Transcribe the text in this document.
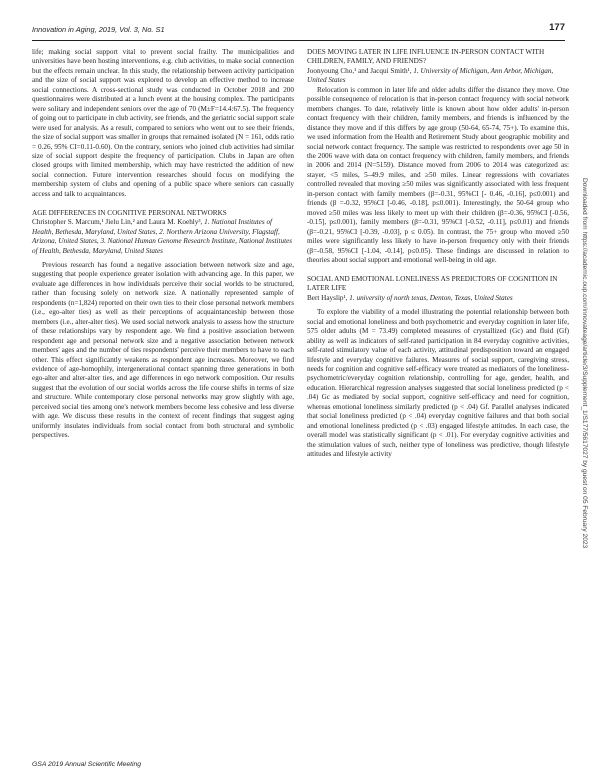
Innovation in Aging, 2019, Vol. 3, No. S1	177

life; making social support vital to prevent social frailty. The municipalities and universities have been hosting interventions, e.g. club activities, to make social connection but the effects remain unclear. In this study, the relationship between activity participation and the size of social support was explored to develop an effective method to increase social connections. A cross-sectional study was conducted in October 2018 and 200 questionnaires were distributed at a lunch event at the housing complex. The participants were solitary and independent seniors over the age of 70 (M±F=14.4:67.5). The frequency of going out to participate in club activity, see friends, and the geriatric social support scale were used for analysis. As a result, compared to seniors who went out to see their friends, the size of social support was smaller in groups that remained isolated (N = 161, odds ratio = 0.26, 95% CI=0.11-0.60). On the contrary, seniors who joined club activities had similar size of social support despite the frequency of participation. Clubs in Japan are often closed groups with limited membership, which may have restricted the addition of new social connection. Future intervention researches should focus on modifying the membership system of clubs and opening of a public space where seniors can casually access and talk to acquaintances.

AGE DIFFERENCES IN COGNITIVE PERSONAL NETWORKS

Christopher S. Marcum,¹ Jielu Lin,² and Laura M. Koehly³, 1. National Institutes of Health, Bethesda, Maryland, United States, 2. Northern Arizona University, Flagstaff, Arizona, United States, 3. National Human Genome Research Institute, National Institutes of Health, Bethesda, Maryland, United States

Previous research has found a negative association between network size and age, suggesting that people experience greater isolation with advancing age. In this paper, we evaluate age differences in how individuals perceive their social worlds to be structured, rather than focusing solely on network size. A nationally represented sample of respondents (n=1,824) reported on their own ties to their close personal network members (i.e., ego-alter ties) as well as their perceptions of acquaintanceship between those members (i.e., alter-alter ties). We used social network analysis to assess how the structure of these relationships vary by respondent age. We find a positive association between respondent age and personal network size and a negative association between network members' ages and the number of ties respondents' perceive their members to have to each other. This effect significantly weakens as respondent age increases. Moreover, we find evidence of age-homophily, intergenerational contact spanning three generations in both ego-alter and alter-alter ties, and age differences in ego network composition. Our results suggest that the evolution of our social worlds across the life course shifts in terms of size and structure. While contemporary close personal networks may grow slightly with age, perceived social ties among one's network members become less cohesive and less diverse with age. We discuss these results in the context of recent findings that suggest aging uniformly insulates individuals from social contact from both structural and symbolic perspectives.

DOES MOVING LATER IN LIFE INFLUENCE IN-PERSON CONTACT WITH CHILDREN, FAMILY, AND FRIENDS?

Joonyoung Cho,¹ and Jacqui Smith¹, 1. University of Michigan, Ann Arbor, Michigan, United States

Relocation is common in later life and older adults differ the distance they move. One possible consequence of relocation is that in-person contact frequency with social network members changes. To date, relatively little is known about how older adults' in-person contact frequency with their children, family members, and friends is influenced by the distance they move and if this differs by age group (50-64, 65-74, 75+). To examine this, we used information from the Health and Retirement Study about geographic mobility and social network contact frequency. The sample was restricted to respondents over age 50 in the 2006 wave with data on contact frequency with children, family members, and friends in 2006 and 2014 (N=5159). Distance moved from 2006 to 2014 was categorized as: stayer, <5 miles, 5–49.9 miles, and ≥50 miles. Linear regressions with covariates controlled revealed that moving ≥50 miles was significantly associated with less frequent in-person contact with family members (β=-0.31, 95%CI [- 0.46, -0.16], p≤0.001) and friends (β =-0.32, 95%CI [-0.46, -0.18], p≤0.001). Interestingly, the 50-64 group who moved ≥50 miles was less likely to meet up with their children (β=-0.36, 95%CI [-0.56, -0.15], p≤0.001), family members (β=-0.31, 95%CI [-0.52, -0.11], p≤0.01) and friends (β=-0.21, 95%CI [-0.39, -0.03], p ≤ 0.05). In contrast, the 75+ group who moved ≥50 miles were significantly less likely to have in-person frequency only with their friends (β=-0.58, 95%CI [-1.04, -0.14], p≤0.05). These findings are discussed in relation to theories about social support and emotional well-being in old age.

SOCIAL AND EMOTIONAL LONELINESS AS PREDICTORS OF COGNITION IN LATER LIFE

Bert Hayslip¹, 1. university of north texas, Denton, Texas, United States

To explore the viability of a model illustrating the potential relationship between both social and emotional loneliness and both psychometric and everyday cognition in later life, 575 older adults (M = 73.49) completed measures of crystallized (Gc) and fluid (Gf) ability as well as indicators of self-rated participation in 84 everyday cognitive activities, self-rated stimulatory value of each activity, attitudinal predisposition toward an engaged lifestyle and everyday cognitive failures. Measures of social support, caregiving stress, needs for cognition and cognitive self-efficacy were treated as mediators of the loneliness-psychometric/everyday cognition relationship, controlling for age, gender, health, and education. Hierarchical regression analyses suggested that social loneliness predicted (p < .04) Gc as mediated by social support, cognitive self-efficacy and need for cognition, whereas emotional loneliness similarly predicted (p < .04) Gf. Parallel analyses indicated that social loneliness predicted (p < .04) everyday cognitive failures and that both social and emotional loneliness predicted (p < .03) engaged lifestyle attitudes. In each case, the overall model was statistically significant (p < .01). For everyday cognitive activities and the stimulation values of such, neither type of loneliness was predictive, though lifestyle attitudes and lifestyle activity	Downloaded from https://academic.oup.com/innovateage/article/3/Supplement_1/S177/5617027 by guest on 05 February 2023
GSA 2019 Annual Scientific Meeting
